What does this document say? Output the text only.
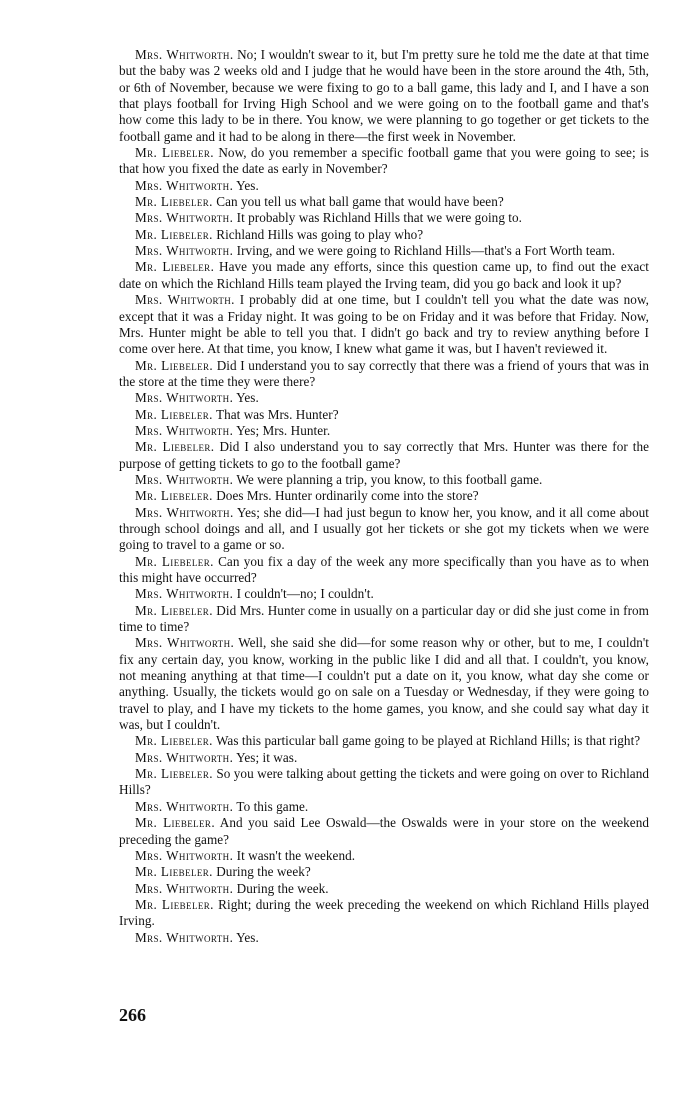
Mrs. Whitworth. No; I wouldn't swear to it, but I'm pretty sure he told me the date at that time but the baby was 2 weeks old and I judge that he would have been in the store around the 4th, 5th, or 6th of November, because we were fixing to go to a ball game, this lady and I, and I have a son that plays football for Irving High School and we were going on to the football game and that's how come this lady to be in there. You know, we were planning to go together or get tickets to the football game and it had to be along in there—the first week in November.

Mr. Liebeler. Now, do you remember a specific football game that you were going to see; is that how you fixed the date as early in November?

Mrs. Whitworth. Yes.

Mr. Liebeler. Can you tell us what ball game that would have been?

Mrs. Whitworth. It probably was Richland Hills that we were going to.

Mr. Liebeler. Richland Hills was going to play who?

Mrs. Whitworth. Irving, and we were going to Richland Hills—that's a Fort Worth team.

Mr. Liebeler. Have you made any efforts, since this question came up, to find out the exact date on which the Richland Hills team played the Irving team, did you go back and look it up?

Mrs. Whitworth. I probably did at one time, but I couldn't tell you what the date was now, except that it was a Friday night. It was going to be on Friday and it was before that Friday. Now, Mrs. Hunter might be able to tell you that. I didn't go back and try to review anything before I come over here. At that time, you know, I knew what game it was, but I haven't reviewed it.

Mr. Liebeler. Did I understand you to say correctly that there was a friend of yours that was in the store at the time they were there?

Mrs. Whitworth. Yes.

Mr. Liebeler. That was Mrs. Hunter?

Mrs. Whitworth. Yes; Mrs. Hunter.

Mr. Liebeler. Did I also understand you to say correctly that Mrs. Hunter was there for the purpose of getting tickets to go to the football game?

Mrs. Whitworth. We were planning a trip, you know, to this football game.

Mr. Liebeler. Does Mrs. Hunter ordinarily come into the store?

Mrs. Whitworth. Yes; she did—I had just begun to know her, you know, and it all come about through school doings and all, and I usually got her tickets or she got my tickets when we were going to travel to a game or so.

Mr. Liebeler. Can you fix a day of the week any more specifically than you have as to when this might have occurred?

Mrs. Whitworth. I couldn't—no; I couldn't.

Mr. Liebeler. Did Mrs. Hunter come in usually on a particular day or did she just come in from time to time?

Mrs. Whitworth. Well, she said she did—for some reason why or other, but to me, I couldn't fix any certain day, you know, working in the public like I did and all that. I couldn't, you know, not meaning anything at that time—I couldn't put a date on it, you know, what day she come or anything. Usually, the tickets would go on sale on a Tuesday or Wednesday, if they were going to travel to play, and I have my tickets to the home games, you know, and she could say what day it was, but I couldn't.

Mr. Liebeler. Was this particular ball game going to be played at Richland Hills; is that right?

Mrs. Whitworth. Yes; it was.

Mr. Liebeler. So you were talking about getting the tickets and were going on over to Richland Hills?

Mrs. Whitworth. To this game.

Mr. Liebeler. And you said Lee Oswald—the Oswalds were in your store on the weekend preceding the game?

Mrs. Whitworth. It wasn't the weekend.

Mr. Liebeler. During the week?

Mrs. Whitworth. During the week.

Mr. Liebeler. Right; during the week preceding the weekend on which Richland Hills played Irving.

Mrs. Whitworth. Yes.

266
